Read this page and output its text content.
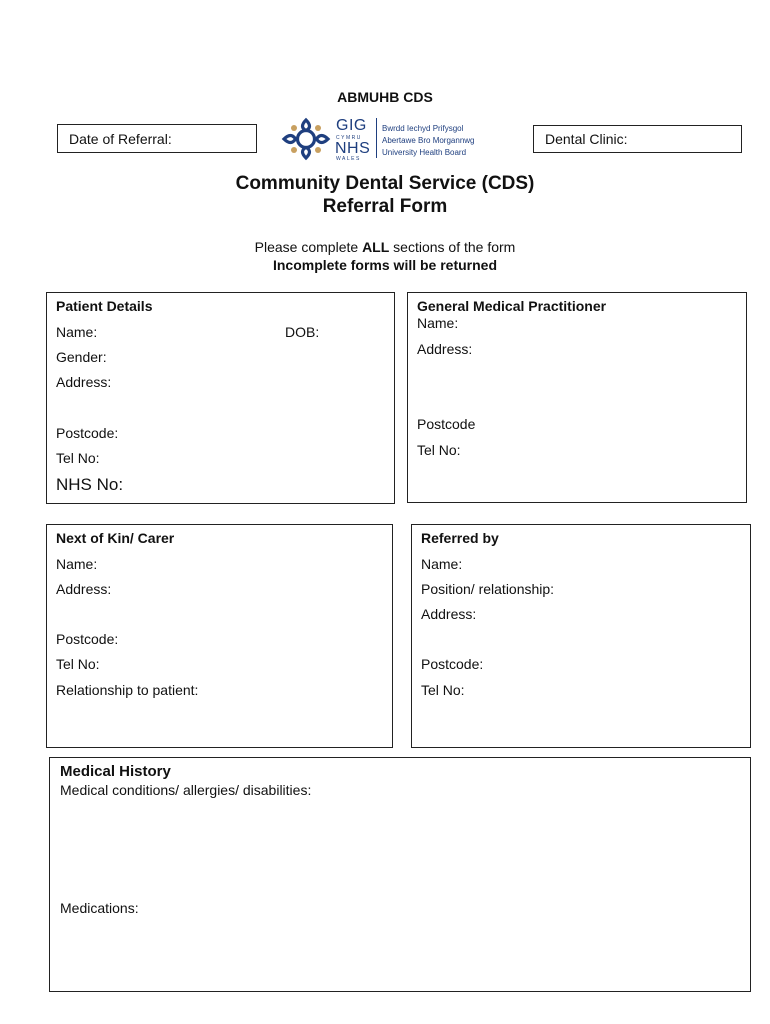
ABMUHB CDS
Date of Referral:	Dental Clinic:
GIG
CYMRU
NHS
WALES
Bwrdd Iechyd Prifysgol
Abertawe Bro Morgannwg
University Health Board
Community Dental Service (CDS)
Referral Form
Please complete ALL sections of the form
Incomplete forms will be returned
Patient Details
Name:	DOB:
Gender:
Address:
Postcode:
Tel No:
NHS No:
General Medical Practitioner
Name:
Address:
Postcode
Tel No:
Next of Kin/ Carer
Name:
Address:
Postcode:
Tel No:
Relationship to patient:
Referred by
Name:
Position/ relationship:
Address:
Postcode:
Tel No:
Medical History
Medical conditions/ allergies/ disabilities:
Medications:
